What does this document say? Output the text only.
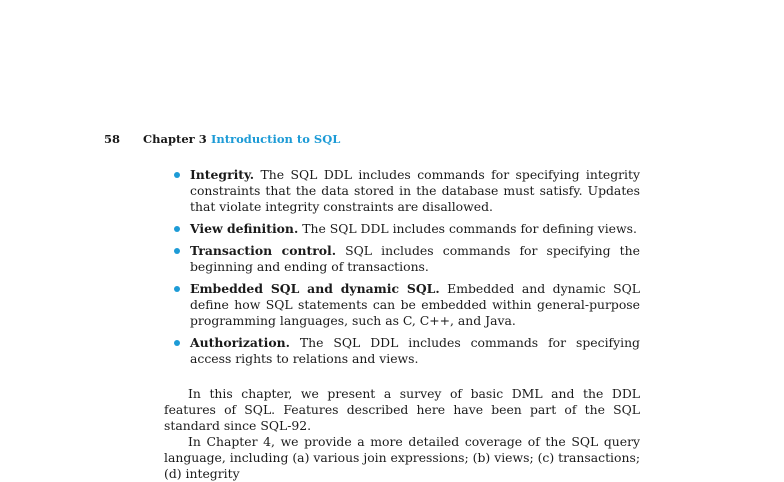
58 Chapter 3 Introduction to SQL
Integrity. The SQL DDL includes commands for specifying integrity constraints that the data stored in the database must satisfy. Updates that violate integrity constraints are disallowed.
View definition. The SQL DDL includes commands for defining views.
Transaction control. SQL includes commands for specifying the beginning and ending of transactions.
Embedded SQL and dynamic SQL. Embedded and dynamic SQL define how SQL statements can be embedded within general-purpose programming languages, such as C, C++, and Java.
Authorization. The SQL DDL includes commands for specifying access rights to relations and views.

In this chapter, we present a survey of basic DML and the DDL features of SQL. Features described here have been part of the SQL standard since SQL-92.

In Chapter 4, we provide a more detailed coverage of the SQL query language, including (a) various join expressions; (b) views; (c) transactions; (d) integrity
